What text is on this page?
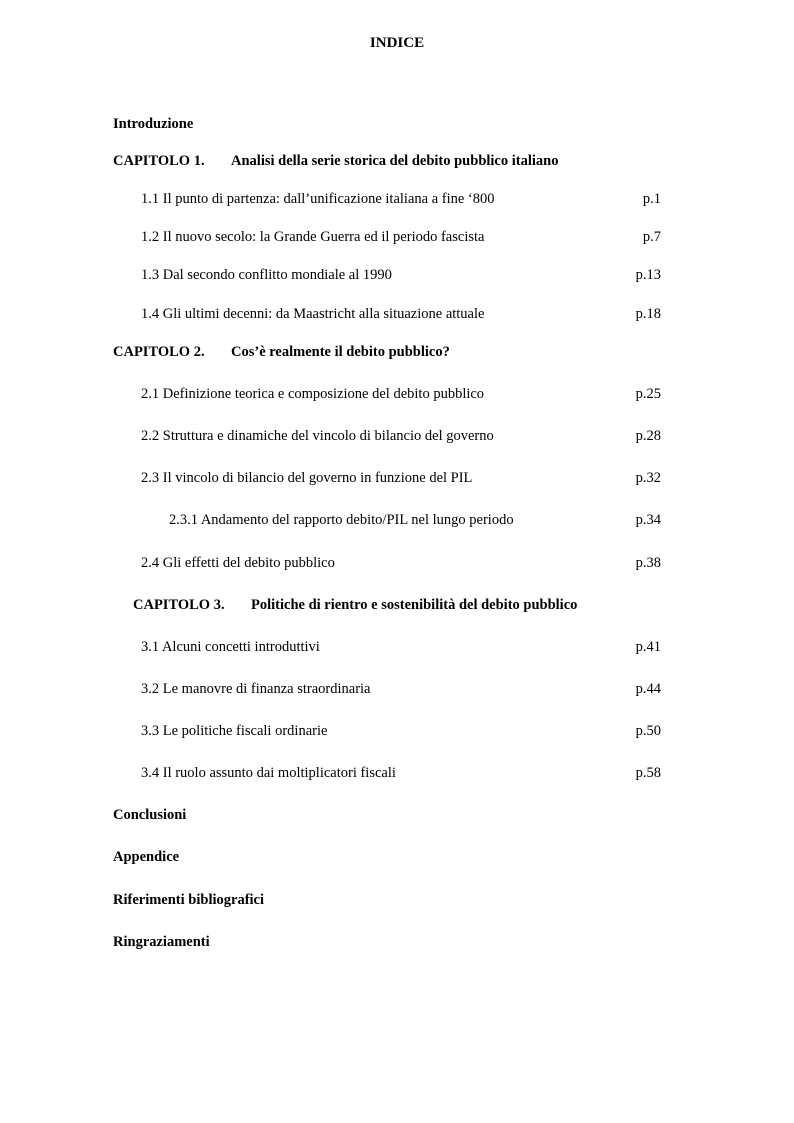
INDICE
Introduzione
CAPITOLO 1. Analisi della serie storica del debito pubblico italiano
1.1 Il punto di partenza: dall’unificazione italiana a fine ‘800	p.1
1.2 Il nuovo secolo: la Grande Guerra ed il periodo fascista	p.7
1.3 Dal secondo conflitto mondiale al 1990	p.13
1.4 Gli ultimi decenni: da Maastricht alla situazione attuale	p.18
CAPITOLO 2. Cos’è realmente il debito pubblico?
2.1 Definizione teorica e composizione del debito pubblico	p.25
2.2 Struttura e dinamiche del vincolo di bilancio del governo	p.28
2.3 Il vincolo di bilancio del governo in funzione del PIL	p.32
2.3.1 Andamento del rapporto debito/PIL nel lungo periodo	p.34
2.4 Gli effetti del debito pubblico	p.38
CAPITOLO 3. Politiche di rientro e sostenibilità del debito pubblico
3.1 Alcuni concetti introduttivi	p.41
3.2 Le manovre di finanza straordinaria	p.44
3.3 Le politiche fiscali ordinarie	p.50
3.4 Il ruolo assunto dai moltiplicatori fiscali	p.58
Conclusioni
Appendice
Riferimenti bibliografici
Ringraziamenti
